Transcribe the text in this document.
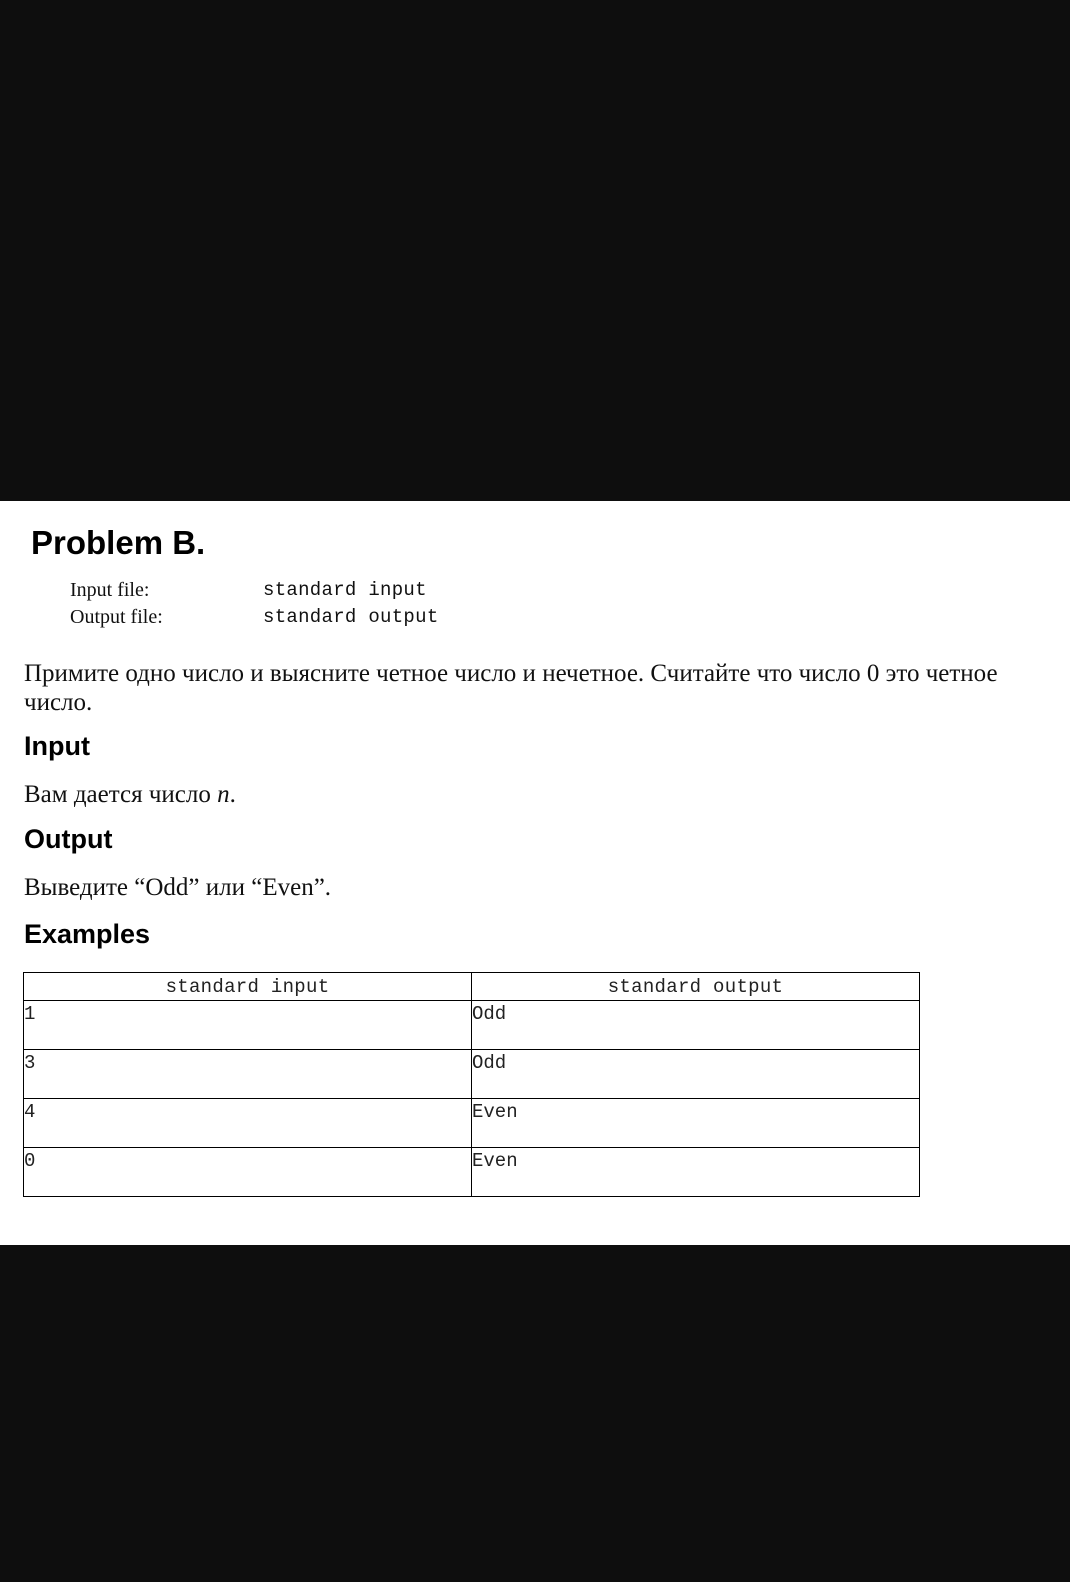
Problem B.
Input file:	standard input
Output file:	standard output

Примите одно число и выясните четное число и нечетное. Считайте что число 0 это четное число.

Input

Вам дается число n.

Output

Выведите “Odd” или “Even”.

Examples
standard input	standard output
1	Odd
3	Odd
4	Even
0	Even
